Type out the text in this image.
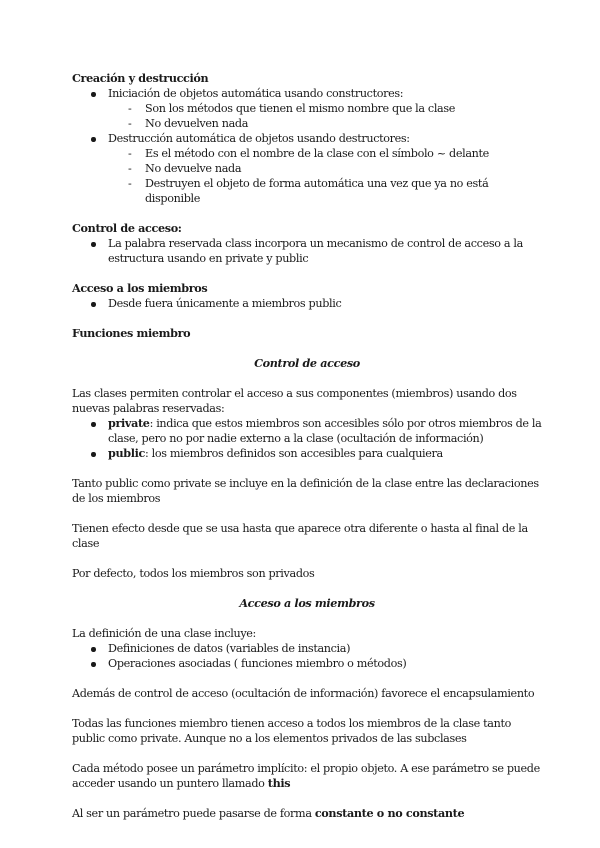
Creación y destrucción

Iniciación de objetos automática usando constructores:
- Son los métodos que tienen el mismo nombre que la clase
- No devuelven nada
Destrucción automática de objetos usando destructores:
- Es el método con el nombre de la clase con el símbolo ~ delante
- No devuelve nada
- Destruyen el objeto de forma automática una vez que ya no está disponible

Control de acceso:

La palabra reservada class incorpora un mecanismo de control de acceso a la estructura usando en private y public

Acceso a los miembros

Desde fuera únicamente a miembros public

Funciones miembro

Control de acceso

Las clases permiten controlar el acceso a sus componentes (miembros) usando dos nuevas palabras reservadas:

private: indica que estos miembros son accesibles sólo por otros miembros de la clase, pero no por nadie externo a la clase (ocultación de información)
public: los miembros definidos son accesibles para cualquiera

Tanto public como private se incluye en la definición de la clase entre las declaraciones de los miembros

Tienen efecto desde que se usa hasta que aparece otra diferente o hasta al final de la clase

Por defecto, todos los miembros son privados

Acceso a los miembros

La definición de una clase incluye:

Definiciones de datos (variables de instancia)
Operaciones asociadas ( funciones miembro o métodos)

Además de control de acceso (ocultación de información) favorece el encapsulamiento

Todas las funciones miembro tienen acceso a todos los miembros de la clase tanto public como private. Aunque no a los elementos privados de las subclases

Cada método posee un parámetro implícito: el propio objeto. A ese parámetro se puede acceder usando un puntero llamado this

Al ser un parámetro puede pasarse de forma constante o no constante
